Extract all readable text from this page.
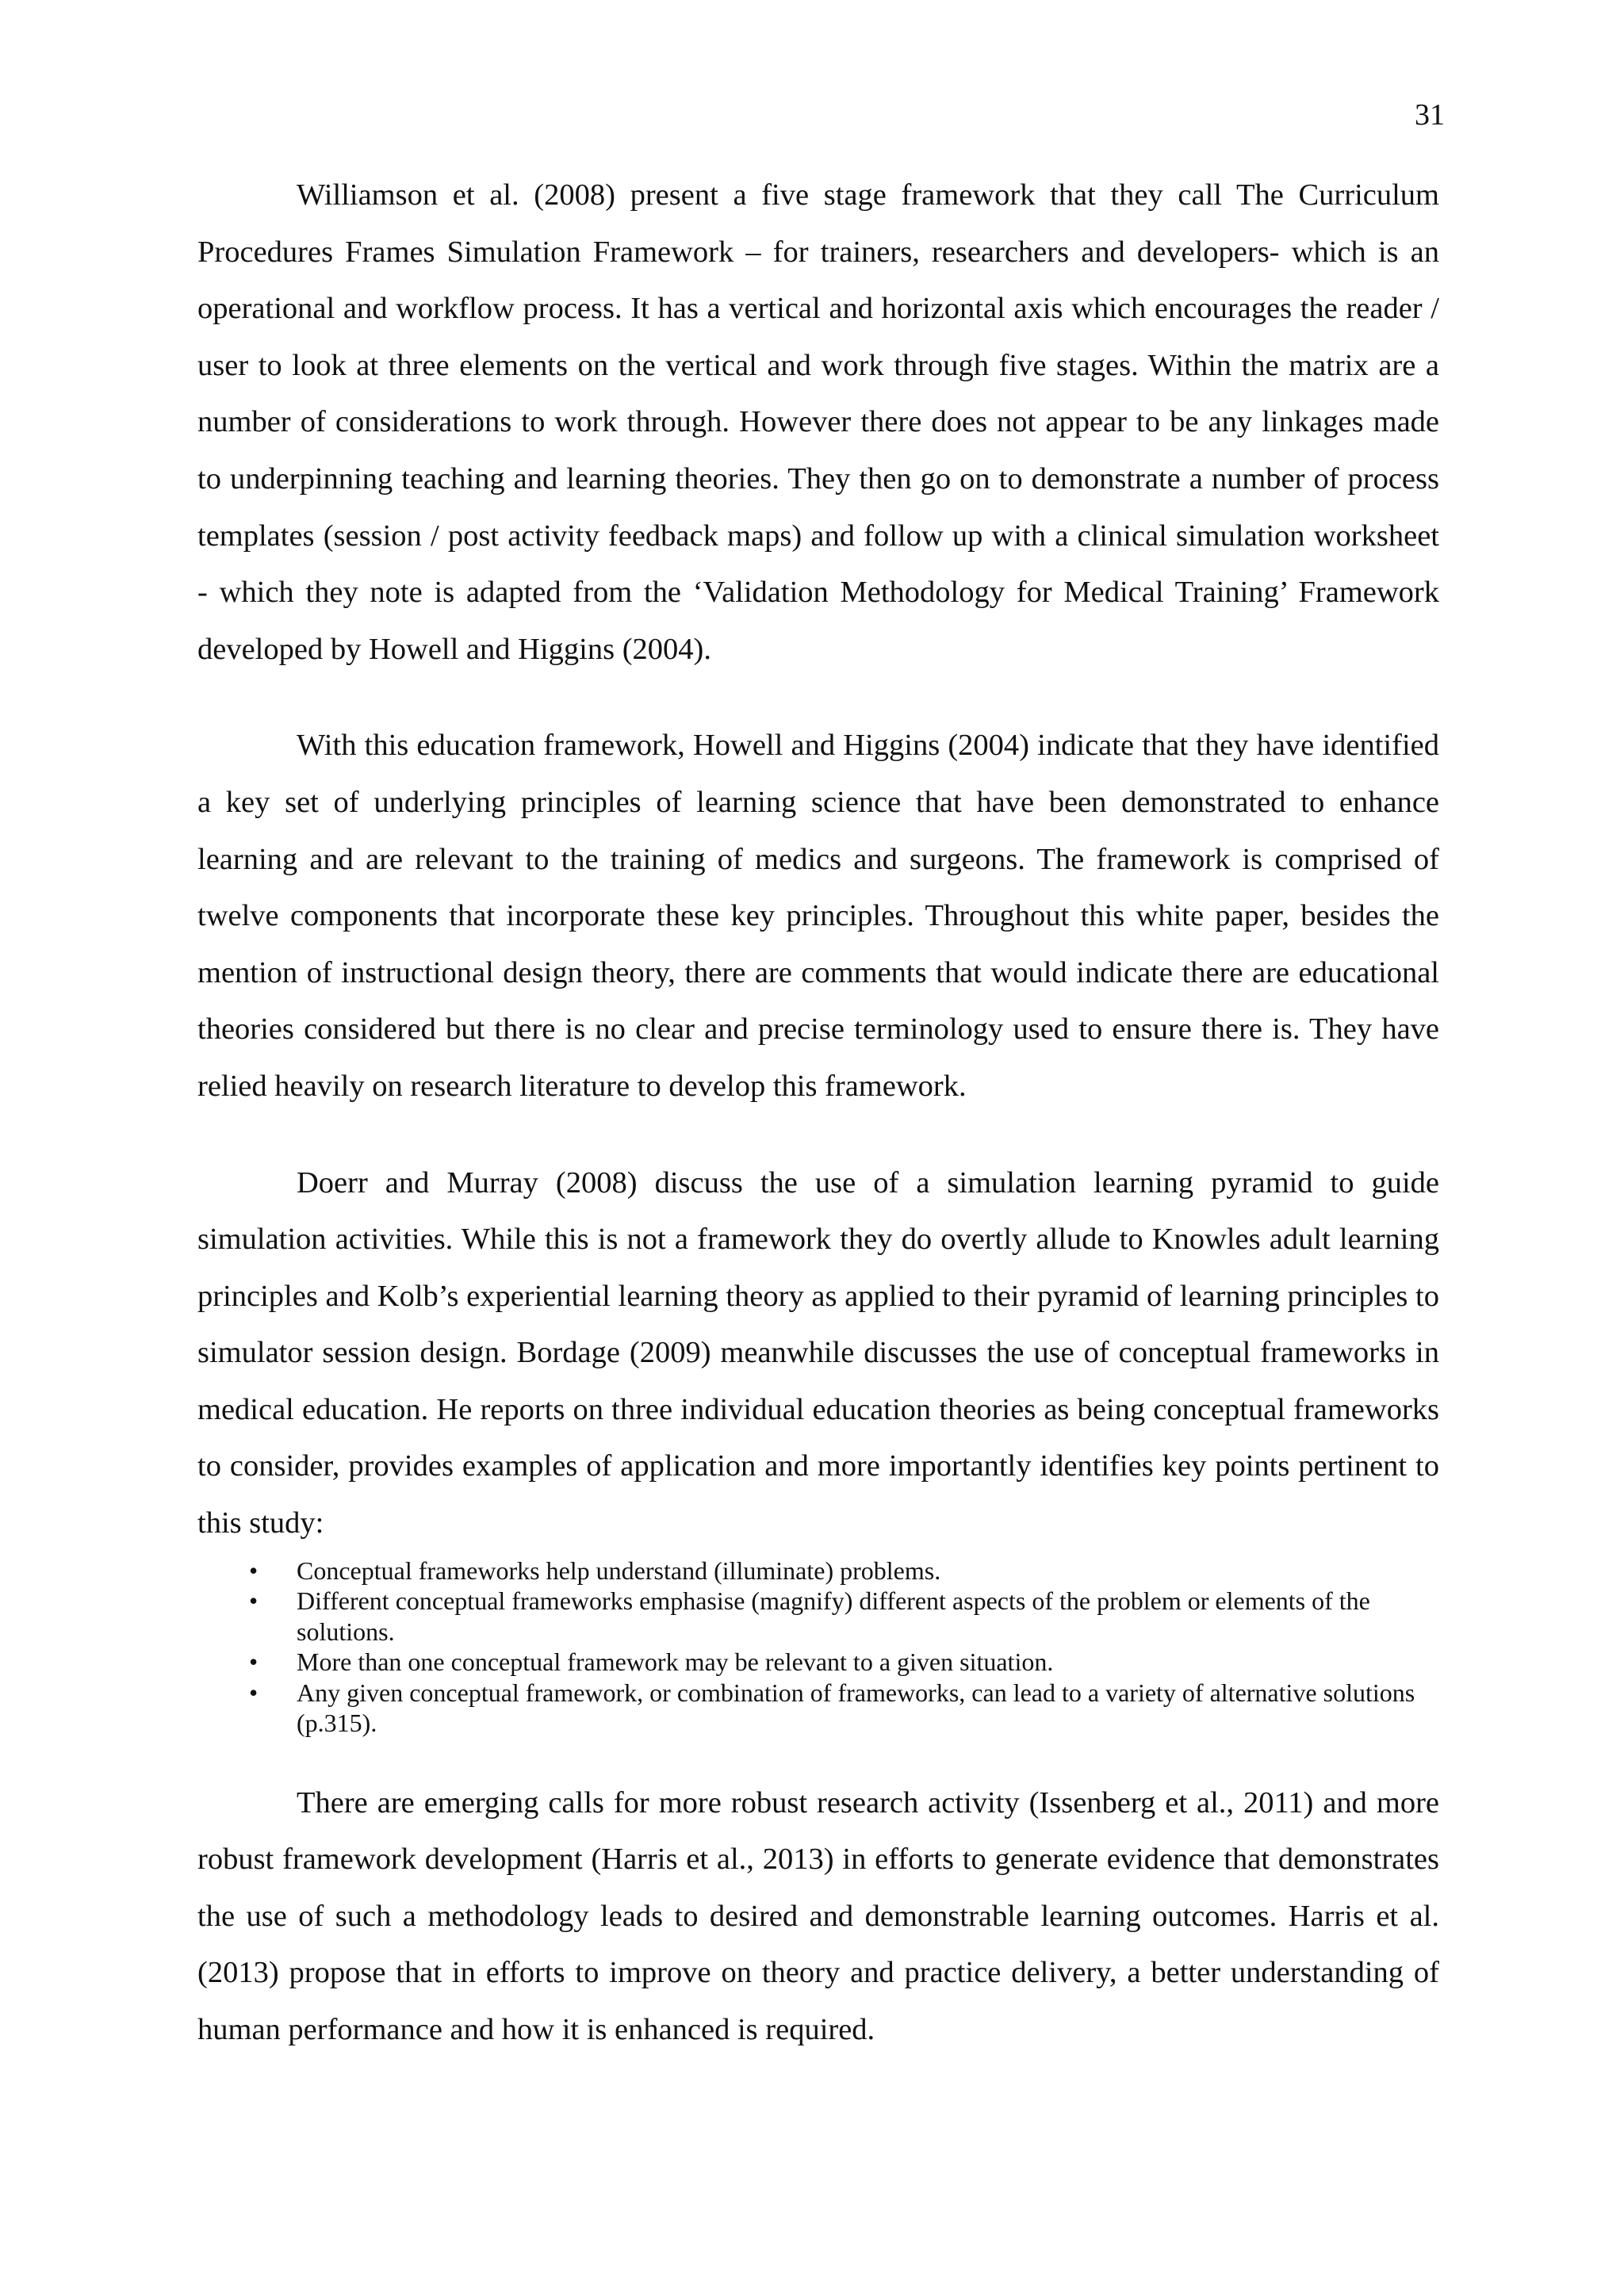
31

Williamson et al. (2008) present a five stage framework that they call The Curriculum Procedures Frames Simulation Framework – for trainers, researchers and developers- which is an operational and workflow process. It has a vertical and horizontal axis which encourages the reader / user to look at three elements on the vertical and work through five stages. Within the matrix are a number of considerations to work through. However there does not appear to be any linkages made to underpinning teaching and learning theories. They then go on to demonstrate a number of process templates (session / post activity feedback maps) and follow up with a clinical simulation worksheet - which they note is adapted from the ‘Validation Methodology for Medical Training’ Framework developed by Howell and Higgins (2004).

With this education framework, Howell and Higgins (2004) indicate that they have identified a key set of underlying principles of learning science that have been demonstrated to enhance learning and are relevant to the training of medics and surgeons. The framework is comprised of twelve components that incorporate these key principles. Throughout this white paper, besides the mention of instructional design theory, there are comments that would indicate there are educational theories considered but there is no clear and precise terminology used to ensure there is. They have relied heavily on research literature to develop this framework.

Doerr and Murray (2008) discuss the use of a simulation learning pyramid to guide simulation activities. While this is not a framework they do overtly allude to Knowles adult learning principles and Kolb’s experiential learning theory as applied to their pyramid of learning principles to simulator session design. Bordage (2009) meanwhile discusses the use of conceptual frameworks in medical education. He reports on three individual education theories as being conceptual frameworks to consider, provides examples of application and more importantly identifies key points pertinent to this study:

• Conceptual frameworks help understand (illuminate) problems.
• Different conceptual frameworks emphasise (magnify) different aspects of the problem or elements of the solutions.
• More than one conceptual framework may be relevant to a given situation.
• Any given conceptual framework, or combination of frameworks, can lead to a variety of alternative solutions (p.315).

There are emerging calls for more robust research activity (Issenberg et al., 2011) and more robust framework development (Harris et al., 2013) in efforts to generate evidence that demonstrates the use of such a methodology leads to desired and demonstrable learning outcomes. Harris et al. (2013) propose that in efforts to improve on theory and practice delivery, a better understanding of human performance and how it is enhanced is required.
